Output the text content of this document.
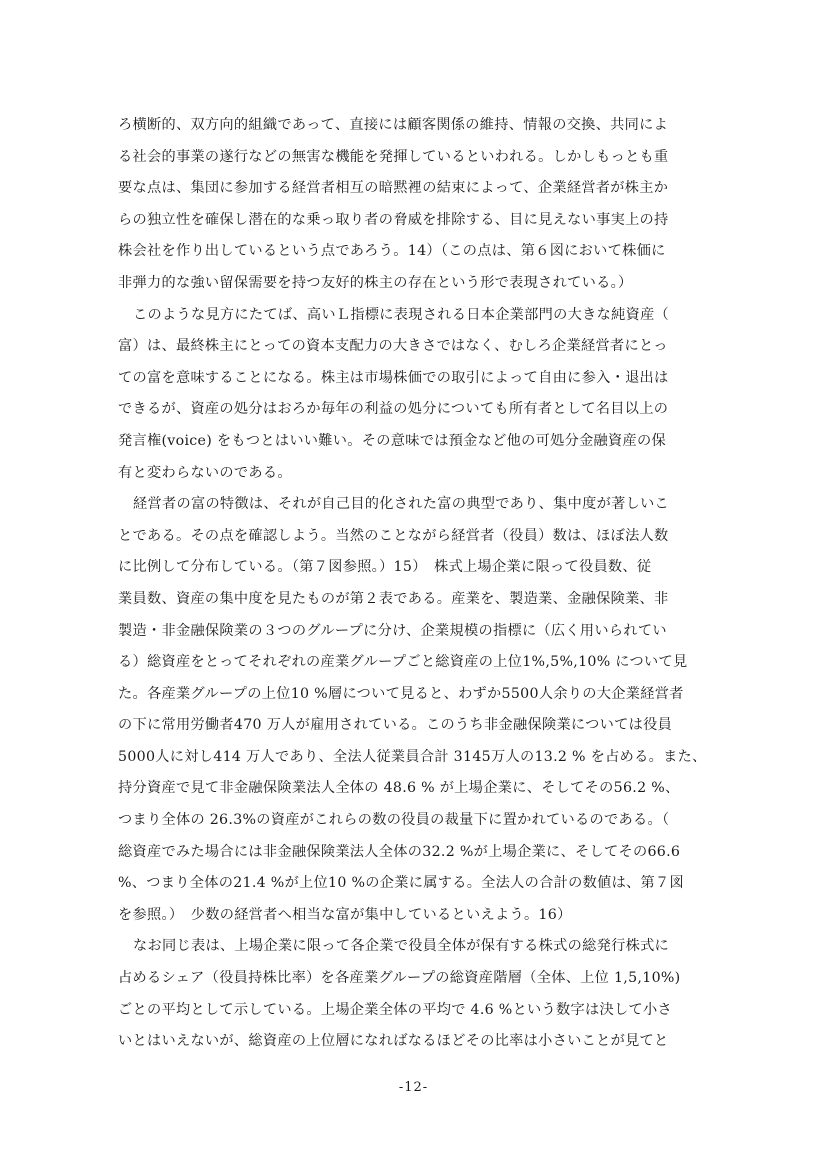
ろ横断的、双方向的組織であって、直接には顧客関係の維持、情報の交換、共同によ
る社会的事業の遂行などの無害な機能を発揮しているといわれる。しかしもっとも重
要な点は、集団に参加する経営者相互の暗黙裡の結束によって、企業経営者が株主か
らの独立性を確保し潜在的な乗っ取り者の脅威を排除する、目に見えない事実上の持
株会社を作り出しているという点であろう。14）（この点は、第６図において株価に
非弾力的な強い留保需要を持つ友好的株主の存在という形で表現されている。）

このような見方にたてば、高いＬ指標に表現される日本企業部門の大きな純資産（
富）は、最終株主にとっての資本支配力の大きさではなく、むしろ企業経営者にとっ
ての富を意味することになる。株主は市場株価での取引によって自由に参入・退出は
できるが、資産の処分はおろか毎年の利益の処分についても所有者として名目以上の
発言権(voice) をもつとはいい難い。その意味では預金など他の可処分金融資産の保
有と変わらないのである。

経営者の富の特徴は、それが自己目的化された富の典型であり、集中度が著しいこ
とである。その点を確認しよう。当然のことながら経営者（役員）数は、ほぼ法人数
に比例して分布している。（第７図参照。）15）　株式上場企業に限って役員数、従
業員数、資産の集中度を見たものが第２表である。産業を、製造業、金融保険業、非
製造・非金融保険業の３つのグループに分け、企業規模の指標に（広く用いられてい
る）総資産をとってそれぞれの産業グループごと総資産の上位1%,5%,10% について見
た。各産業グループの上位10 %層について見ると、わずか5500人余りの大企業経営者
の下に常用労働者470 万人が雇用されている。このうち非金融保険業については役員
5000人に対し414 万人であり、全法人従業員合計 3145万人の13.2 % を占める。また、
持分資産で見て非金融保険業法人全体の 48.6 % が上場企業に、そしてその56.2 %、
つまり全体の 26.3%の資産がこれらの数の役員の裁量下に置かれているのである。（
総資産でみた場合には非金融保険業法人全体の32.2 %が上場企業に、そしてその66.6
%、つまり全体の21.4 %が上位10 %の企業に属する。全法人の合計の数値は、第７図
を参照。）　少数の経営者へ相当な富が集中しているといえよう。16）

なお同じ表は、上場企業に限って各企業で役員全体が保有する株式の総発行株式に
占めるシェア（役員持株比率）を各産業グループの総資産階層（全体、上位 1,5,10%)
ごとの平均として示している。上場企業全体の平均で 4.6 %という数字は決して小さ
いとはいえないが、総資産の上位層になればなるほどその比率は小さいことが見てと

-12-
